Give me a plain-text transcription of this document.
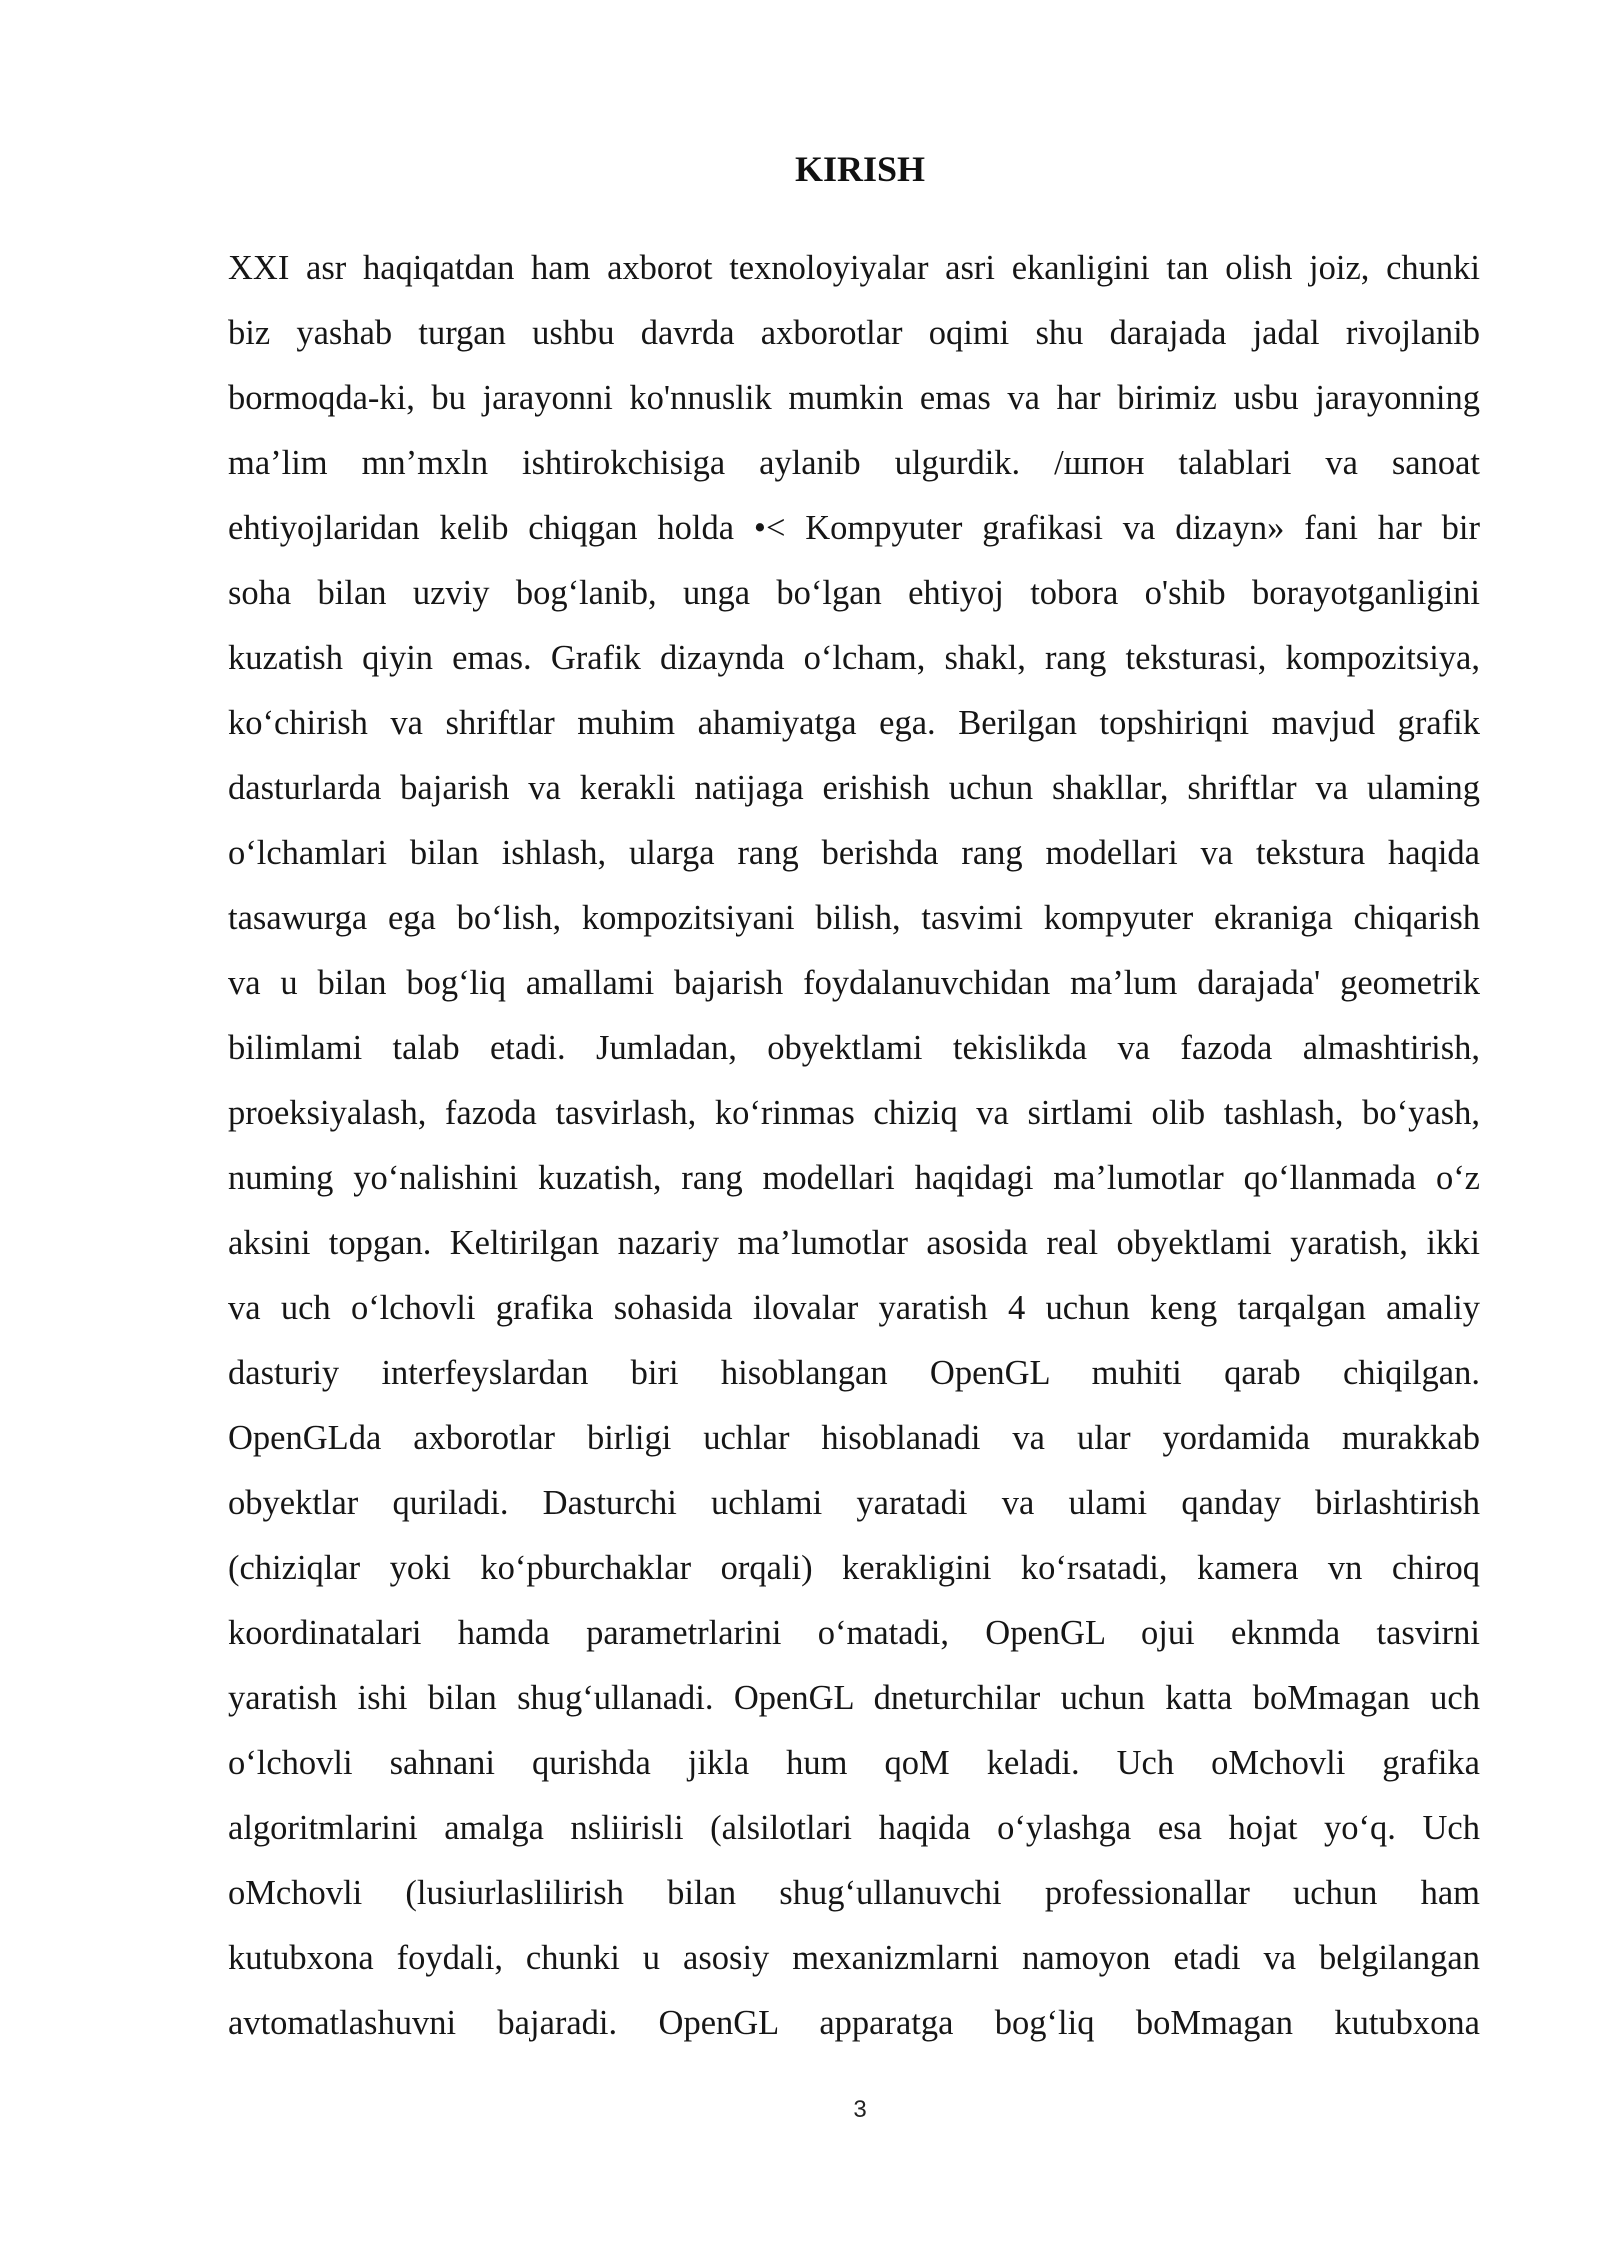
KIRISH
XXI asr haqiqatdan ham axborot texnoloyiyalar asri ekanligini tan olish joiz, chunki
biz yashab turgan ushbu davrda axborotlar oqimi shu darajada jadal rivojlanib
bormoqda-ki, bu jarayonni ko'nnuslik mumkin emas va har birimiz usbu jarayonning
ma’lim mn’mxln ishtirokchisiga aylanib ulgurdik. /шпон talablari va sanoat
ehtiyojlaridan kelib chiqgan holda •< Kompyuter grafikasi va dizayn» fani har bir
soha bilan uzviy bog‘lanib, unga bo‘lgan ehtiyoj tobora o'shib borayotganligini
kuzatish qiyin emas. Grafik dizaynda o‘lcham, shakl, rang teksturasi, kompozitsiya,
ko‘chirish va shriftlar muhim ahamiyatga ega. Berilgan topshiriqni mavjud grafik
dasturlarda bajarish va kerakli natijaga erishish uchun shakllar, shriftlar va ulaming
o‘lchamlari bilan ishlash, ularga rang berishda rang modellari va tekstura haqida
tasawurga ega bo‘lish, kompozitsiyani bilish, tasvimi kompyuter ekraniga chiqarish
va u bilan bog‘liq amallami bajarish foydalanuvchidan ma’lum darajada' geometrik
bilimlami talab etadi. Jumladan, obyektlami tekislikda va fazoda almashtirish,
proeksiyalash, fazoda tasvirlash, ko‘rinmas chiziq va sirtlami olib tashlash, bo‘yash,
numing yo‘nalishini kuzatish, rang modellari haqidagi ma’lumotlar qo‘llanmada o‘z
aksini topgan. Keltirilgan nazariy ma’lumotlar asosida real obyektlami yaratish, ikki
va uch o‘lchovli grafika sohasida ilovalar yaratish 4 uchun keng tarqalgan amaliy
dasturiy interfeyslardan biri hisoblangan OpenGL muhiti qarab chiqilgan.
OpenGLda axborotlar birligi uchlar hisoblanadi va ular yordamida murakkab
obyektlar quriladi. Dasturchi uchlami yaratadi va ulami qanday birlashtirish
(chiziqlar yoki ko‘pburchaklar orqali) kerakligini ko‘rsatadi, kamera vn chiroq
koordinatalari hamda parametrlarini o‘matadi, OpenGL ojui eknmda tasvirni
yaratish ishi bilan shug‘ullanadi. OpenGL dneturchilar uchun katta boMmagan uch
o‘lchovli sahnani qurishda jikla hum qoM keladi. Uch oMchovli grafika
algoritmlarini amalga nsliirisli (alsilotlari haqida o‘ylashga esa hojat yo‘q. Uch
oMchovli (lusiurlaslilirish bilan shug‘ullanuvchi professionallar uchun ham
kutubxona foydali, chunki u asosiy mexanizmlarni namoyon etadi va belgilangan
avtomatlashuvni bajaradi. OpenGL apparatga bog‘liq boMmagan kutubxona
3
